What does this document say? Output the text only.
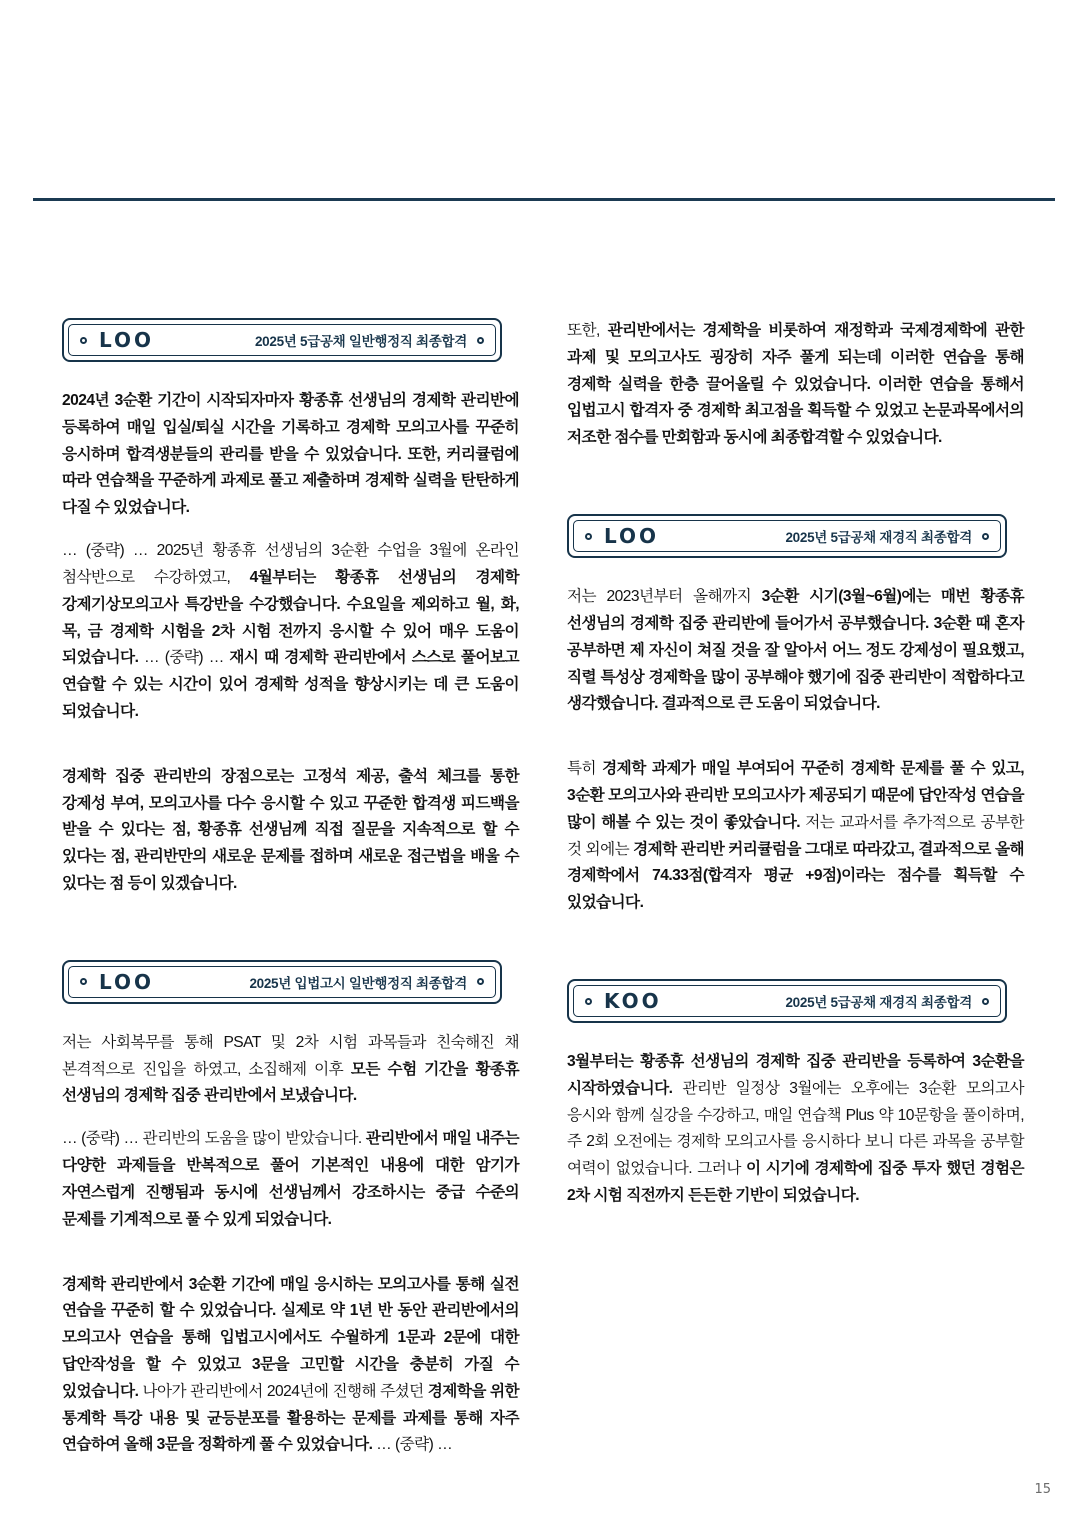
LOO	2025년 5급공채 일반행정직 최종합격

2024년 3순환 기간이 시작되자마자 황종휴 선생님의 경제학 관리반에 등록하여 매일 입실/퇴실 시간을 기록하고 경제학 모의고사를 꾸준히 응시하며 합격생분들의 관리를 받을 수 있었습니다. 또한, 커리큘럼에 따라 연습책을 꾸준하게 과제로 풀고 제출하며 경제학 실력을 탄탄하게 다질 수 있었습니다.

… (중략) … 2025년 황종휴 선생님의 3순환 수업을 3월에 온라인 첨삭반으로 수강하였고, 4월부터는 황종휴 선생님의 경제학 강제기상모의고사 특강반을 수강했습니다. 수요일을 제외하고 월, 화, 목, 금 경제학 시험을 2차 시험 전까지 응시할 수 있어 매우 도움이 되었습니다. … (중략) … 재시 때 경제학 관리반에서 스스로 풀어보고 연습할 수 있는 시간이 있어 경제학 성적을 향상시키는 데 큰 도움이 되었습니다.

경제학 집중 관리반의 장점으로는 고정석 제공, 출석 체크를 통한 강제성 부여, 모의고사를 다수 응시할 수 있고 꾸준한 합격생 피드백을 받을 수 있다는 점, 황종휴 선생님께 직접 질문을 지속적으로 할 수 있다는 점, 관리반만의 새로운 문제를 접하며 새로운 접근법을 배울 수 있다는 점 등이 있겠습니다.

LOO	2025년 입법고시 일반행정직 최종합격

저는 사회복무를 통해 PSAT 및 2차 시험 과목들과 친숙해진 채 본격적으로 진입을 하였고, 소집해제 이후 모든 수험 기간을 황종휴 선생님의 경제학 집중 관리반에서 보냈습니다.

… (중략) … 관리반의 도움을 많이 받았습니다. 관리반에서 매일 내주는 다양한 과제들을 반복적으로 풀어 기본적인 내용에 대한 암기가 자연스럽게 진행됨과 동시에 선생님께서 강조하시는 중급 수준의 문제를 기계적으로 풀 수 있게 되었습니다.

경제학 관리반에서 3순환 기간에 매일 응시하는 모의고사를 통해 실전 연습을 꾸준히 할 수 있었습니다. 실제로 약 1년 반 동안 관리반에서의 모의고사 연습을 통해 입법고시에서도 수월하게 1문과 2문에 대한 답안작성을 할 수 있었고 3문을 고민할 시간을 충분히 가질 수 있었습니다. 나아가 관리반에서 2024년에 진행해 주셨던 경제학을 위한 통계학 특강 내용 및 균등분포를 활용하는 문제를 과제를 통해 자주 연습하여 올해 3문을 정확하게 풀 수 있었습니다. … (중략) …

또한, 관리반에서는 경제학을 비롯하여 재정학과 국제경제학에 관한 과제 및 모의고사도 굉장히 자주 풀게 되는데 이러한 연습을 통해 경제학 실력을 한층 끌어올릴 수 있었습니다. 이러한 연습을 통해서 입법고시 합격자 중 경제학 최고점을 획득할 수 있었고 논문과목에서의 저조한 점수를 만회함과 동시에 최종합격할 수 있었습니다.

LOO	2025년 5급공채 재경직 최종합격

저는 2023년부터 올해까지 3순환 시기(3월~6월)에는 매번 황종휴 선생님의 경제학 집중 관리반에 들어가서 공부했습니다. 3순환 때 혼자 공부하면 제 자신이 쳐질 것을 잘 알아서 어느 정도 강제성이 필요했고, 직렬 특성상 경제학을 많이 공부해야 했기에 집중 관리반이 적합하다고 생각했습니다. 결과적으로 큰 도움이 되었습니다.

특히 경제학 과제가 매일 부여되어 꾸준히 경제학 문제를 풀 수 있고, 3순환 모의고사와 관리반 모의고사가 제공되기 때문에 답안작성 연습을 많이 해볼 수 있는 것이 좋았습니다. 저는 교과서를 추가적으로 공부한 것 외에는 경제학 관리반 커리큘럼을 그대로 따라갔고, 결과적으로 올해 경제학에서 74.33점(합격자 평균 +9점)이라는 점수를 획득할 수 있었습니다.

KOO	2025년 5급공채 재경직 최종합격

3월부터는 황종휴 선생님의 경제학 집중 관리반을 등록하여 3순환을 시작하였습니다. 관리반 일정상 3월에는 오후에는 3순환 모의고사 응시와 함께 실강을 수강하고, 매일 연습책 Plus 약 10문항을 풀이하며, 주 2회 오전에는 경제학 모의고사를 응시하다 보니 다른 과목을 공부할 여력이 없었습니다. 그러나 이 시기에 경제학에 집중 투자 했던 경험은 2차 시험 직전까지 든든한 기반이 되었습니다.

15
